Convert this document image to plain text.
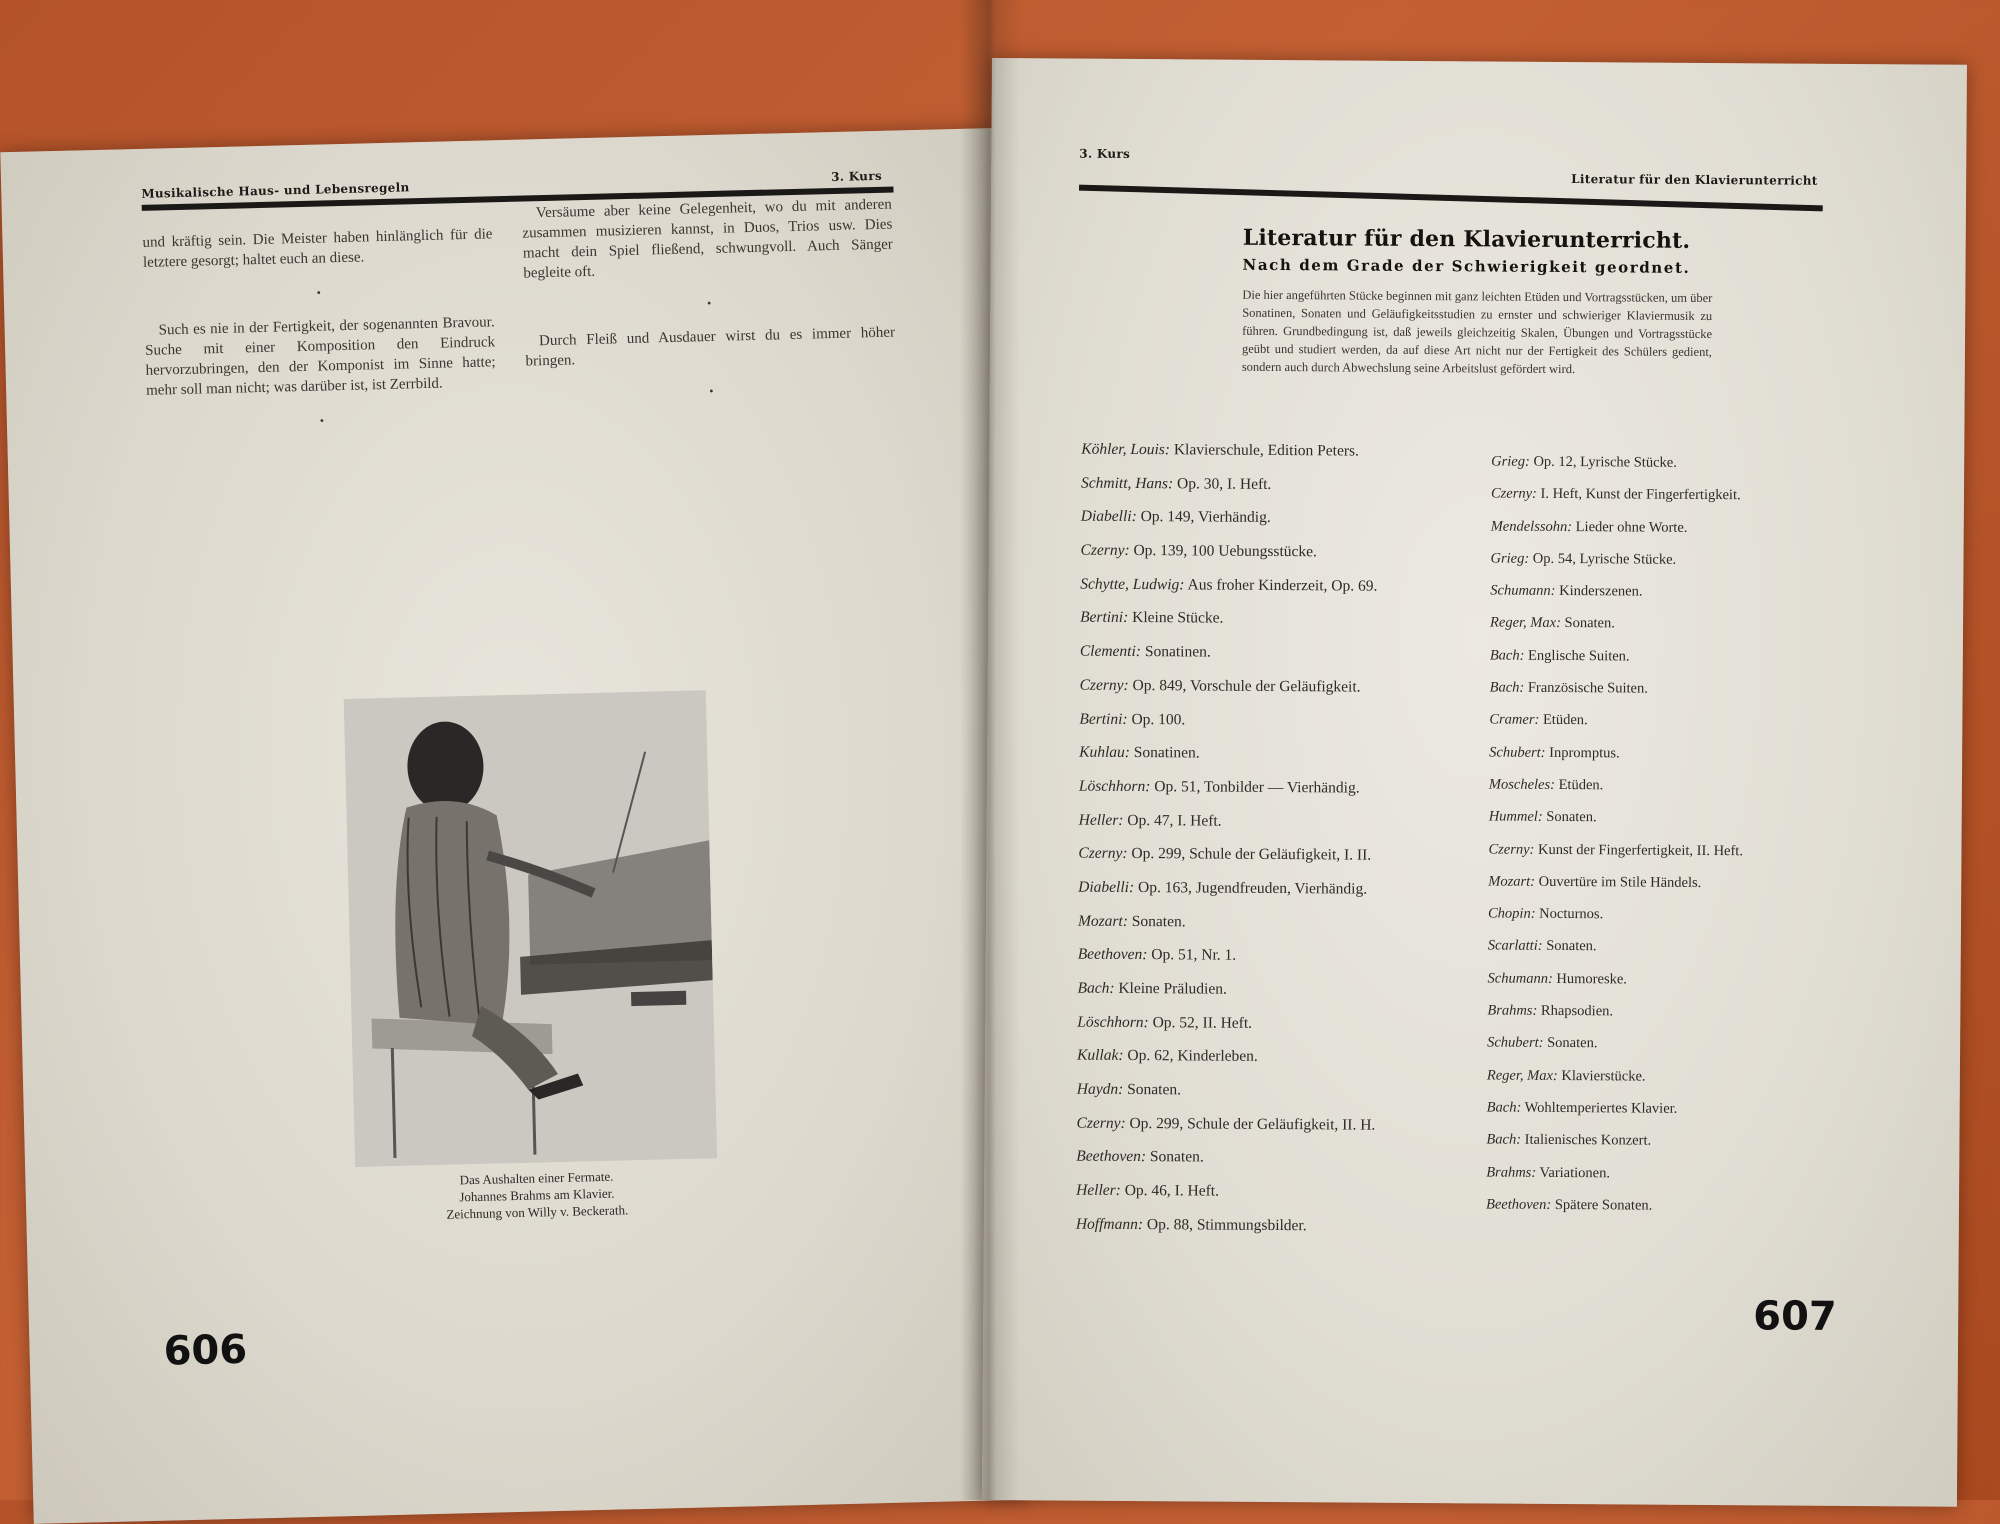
Musikalische Haus- und Lebensregeln
3. Kurs

und kräftig sein. Die Meister haben hinlänglich für die letztere gesorgt; haltet euch an diese.

•

Such es nie in der Fertigkeit, der sogenannten Bravour. Suche mit einer Komposition den Eindruck hervorzubringen, den der Komponist im Sinne hatte; mehr soll man nicht; was darüber ist, ist Zerrbild.

•

Versäume aber keine Gelegenheit, wo du mit anderen zusammen musizieren kannst, in Duos, Trios usw. Dies macht dein Spiel fließend, schwungvoll. Auch Sänger begleite oft.

•

Durch Fleiß und Ausdauer wirst du es immer höher bringen.

•
Das Aushalten einer Fermate.
Johannes Brahms am Klavier.
Zeichnung von Willy v. Beckerath.
606
3. Kurs
Literatur für den Klavierunterricht
Literatur für den Klavierunterricht.
Nach dem Grade der Schwierigkeit geordnet.
Die hier angeführten Stücke beginnen mit ganz leichten Etüden und Vortragsstücken, um über Sonatinen, Sonaten und Geläufigkeitsstudien zu ernster und schwieriger Klaviermusik zu führen. Grundbedingung ist, daß jeweils gleichzeitig Skalen, Übungen und Vortragsstücke geübt und studiert werden, da auf diese Art nicht nur der Fertigkeit des Schülers gedient, sondern auch durch Abwechslung seine Arbeitslust gefördert wird.
Köhler, Louis: Klavierschule, Edition Peters.
Schmitt, Hans: Op. 30, I. Heft.
Diabelli: Op. 149, Vierhändig.
Czerny: Op. 139, 100 Uebungsstücke.
Schytte, Ludwig: Aus froher Kinderzeit, Op. 69.
Bertini: Kleine Stücke.
Clementi: Sonatinen.
Czerny: Op. 849, Vorschule der Geläufigkeit.
Bertini: Op. 100.
Kuhlau: Sonatinen.
Löschhorn: Op. 51, Tonbilder — Vierhändig.
Heller: Op. 47, I. Heft.
Czerny: Op. 299, Schule der Geläufigkeit, I. II.
Diabelli: Op. 163, Jugendfreuden, Vierhändig.
Mozart: Sonaten.
Beethoven: Op. 51, Nr. 1.
Bach: Kleine Präludien.
Löschhorn: Op. 52, II. Heft.
Kullak: Op. 62, Kinderleben.
Haydn: Sonaten.
Czerny: Op. 299, Schule der Geläufigkeit, II. H.
Beethoven: Sonaten.
Heller: Op. 46, I. Heft.
Hoffmann: Op. 88, Stimmungsbilder.
Grieg: Op. 12, Lyrische Stücke.
Czerny: I. Heft, Kunst der Fingerfertigkeit.
Mendelssohn: Lieder ohne Worte.
Grieg: Op. 54, Lyrische Stücke.
Schumann: Kinderszenen.
Reger, Max: Sonaten.
Bach: Englische Suiten.
Bach: Französische Suiten.
Cramer: Etüden.
Schubert: Inpromptus.
Moscheles: Etüden.
Hummel: Sonaten.
Czerny: Kunst der Fingerfertigkeit, II. Heft.
Mozart: Ouvertüre im Stile Händels.
Chopin: Nocturnos.
Scarlatti: Sonaten.
Schumann: Humoreske.
Brahms: Rhapsodien.
Schubert: Sonaten.
Reger, Max: Klavierstücke.
Bach: Wohltemperiertes Klavier.
Bach: Italienisches Konzert.
Brahms: Variationen.
Beethoven: Spätere Sonaten.
607
